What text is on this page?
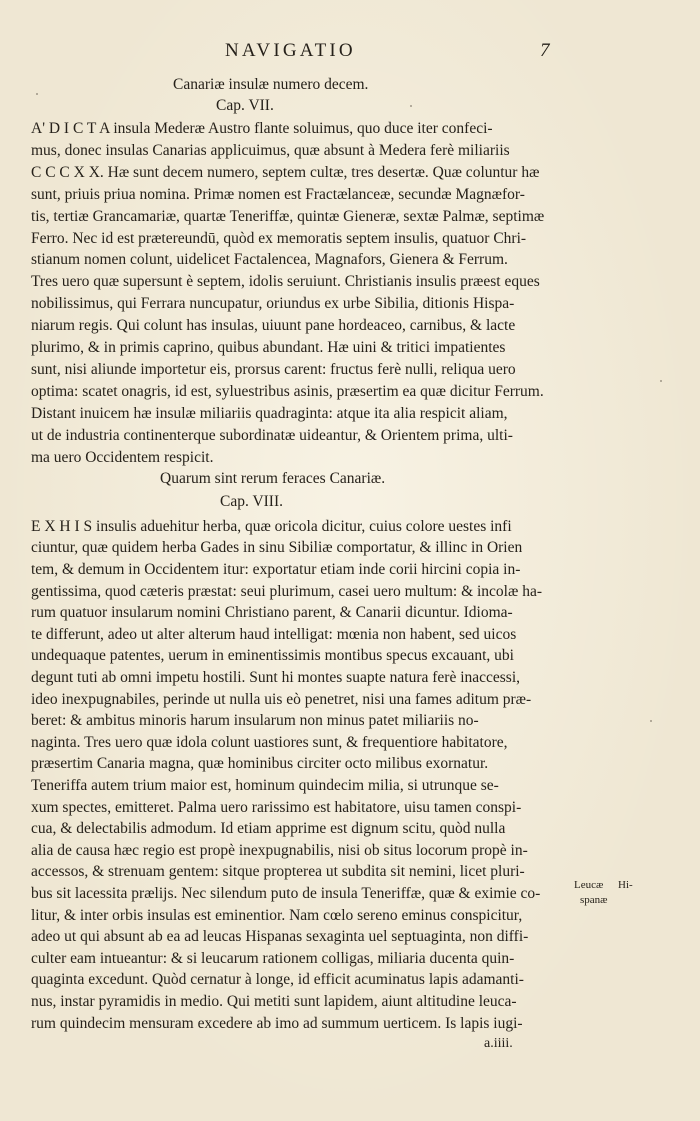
NAVIGATIO	7
Canariæ insulæ numero decem.
Cap. VII.
A' D I C T A insula Mederæ Austro flante soluimus, quo duce iter confeci-
mus, donec insulas Canarias applicuimus, quæ absunt à Medera ferè miliariis
C C C X X. Hæ sunt decem numero, septem cultæ, tres desertæ. Quæ coluntur hæ
sunt, priuis priua nomina. Primæ nomen est Fractælanceæ, secundæ Magnæfor-
tis, tertiæ Grancamariæ, quartæ Teneriffæ, quintæ Gieneræ, sextæ Palmæ, septimæ
Ferro. Nec id est prætereundū, quòd ex memoratis septem insulis, quatuor Chri-
stianum nomen colunt, uidelicet Factalencea, Magnafors, Gienera & Ferrum.
Tres uero quæ supersunt è septem, idolis seruiunt. Christianis insulis præest eques
nobilissimus, qui Ferrara nuncupatur, oriundus ex urbe Sibilia, ditionis Hispa-
niarum regis. Qui colunt has insulas, uiuunt pane hordeaceo, carnibus, & lacte
plurimo, & in primis caprino, quibus abundant. Hæ uini & tritici impatientes
sunt, nisi aliunde importetur eis, prorsus carent: fructus ferè nulli, reliqua uero
optima: scatet onagris, id est, syluestribus asinis, præsertim ea quæ dicitur Ferrum.
Distant inuicem hæ insulæ miliariis quadraginta: atque ita alia respicit aliam,
ut de industria continenterque subordinatæ uideantur, & Orientem prima, ulti-
ma uero Occidentem respicit.
Quarum sint rerum feraces Canariæ.
Cap. VIII.
E X H I S insulis aduehitur herba, quæ oricola dicitur, cuius colore uestes infi
ciuntur, quæ quidem herba Gades in sinu Sibiliæ comportatur, & illinc in Orien
tem, & demum in Occidentem itur: exportatur etiam inde corii hircini copia in-
gentissima, quod cæteris præstat: seui plurimum, casei uero multum: & incolæ ha-
rum quatuor insularum nomini Christiano parent, & Canarii dicuntur. Idioma-
te differunt, adeo ut alter alterum haud intelligat: mœnia non habent, sed uicos
undequaque patentes, uerum in eminentissimis montibus specus excauant, ubi
degunt tuti ab omni impetu hostili. Sunt hi montes suapte natura ferè inaccessi,
ideo inexpugnabiles, perinde ut nulla uis eò penetret, nisi una fames aditum præ-
beret: & ambitus minoris harum insularum non minus patet miliariis no-
naginta. Tres uero quæ idola colunt uastiores sunt, & frequentiore habitatore,
præsertim Canaria magna, quæ hominibus circiter octo milibus exornatur.
Teneriffa autem trium maior est, hominum quindecim milia, si utrunque se-
xum spectes, emitteret. Palma uero rarissimo est habitatore, uisu tamen conspi-
cua, & delectabilis admodum. Id etiam apprime est dignum scitu, quòd nulla
alia de causa hæc regio est propè inexpugnabilis, nisi ob situs locorum propè in-
accessos, & strenuam gentem: sitque propterea ut subdita sit nemini, licet pluri-
bus sit lacessita prælijs. Nec silendum puto de insula Teneriffæ, quæ & eximie co-
litur, & inter orbis insulas est eminentior. Nam cœlo sereno eminus conspicitur,
adeo ut qui absunt ab ea ad leucas Hispanas sexaginta uel septuaginta, non diffi-
culter eam intueantur: & si leucarum rationem colligas, miliaria ducenta quin-
quaginta excedunt. Quòd cernatur à longe, id efficit acuminatus lapis adamanti-
nus, instar pyramidis in medio. Qui metiti sunt lapidem, aiunt altitudine leuca-
rum quindecim mensuram excedere ab imo ad summum uerticem. Is lapis iugi-
a.iiii.
Leucæ Hi-
spanæ
